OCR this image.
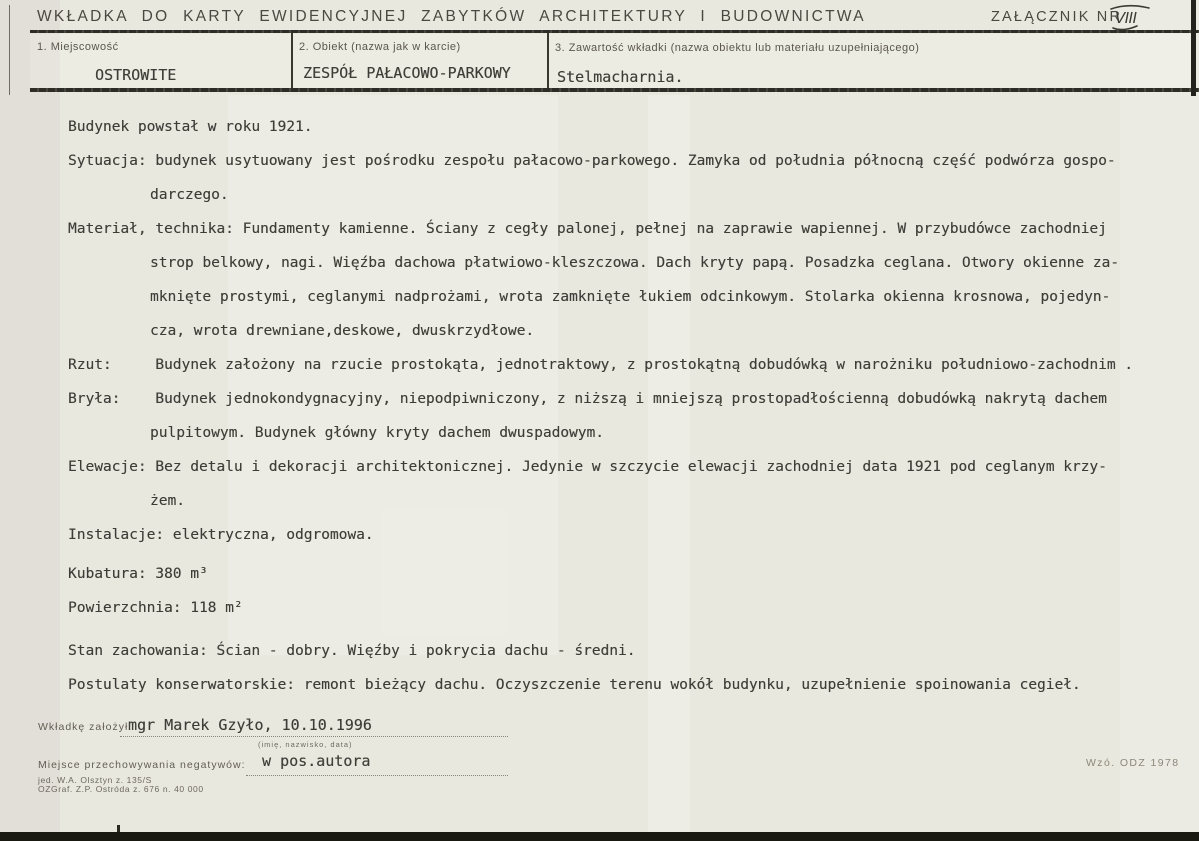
WKŁADKA DO KARTY EWIDENCYJNEJ ZABYTKÓW ARCHITEKTURY I BUDOWNICTWA	ZAŁĄCZNIK NR
VIII
1. Miejscowość	2. Obiekt (nazwa jak w karcie)	3. Zawartość wkładki (nazwa obiektu lub materiału uzupełniającego)
OSTROWITE	ZESPÓŁ PAŁACOWO-PARKOWY	Stelmacharnia.
Budynek powstał w roku 1921.
Sytuacja: budynek usytuowany jest pośrodku zespołu pałacowo-parkowego. Zamyka od południa północną część podwórza gospo-
darczego.
Materiał, technika: Fundamenty kamienne. Ściany z cegły palonej, pełnej na zaprawie wapiennej. W przybudówce zachodniej
strop belkowy, nagi. Więźba dachowa płatwiowo-kleszczowa. Dach kryty papą. Posadzka ceglana. Otwory okienne za-
mknięte prostymi, ceglanymi nadprożami, wrota zamknięte łukiem odcinkowym. Stolarka okienna krosnowa, pojedyn-
cza, wrota drewniane,deskowe, dwuskrzydłowe.
Rzut:     Budynek założony na rzucie prostokąta, jednotraktowy, z prostokątną dobudówką w narożniku południowo-zachodnim .
Bryła:    Budynek jednokondygnacyjny, niepodpiwniczony, z niższą i mniejszą prostopadłościenną dobudówką nakrytą dachem
pulpitowym. Budynek główny kryty dachem dwuspadowym.
Elewacje: Bez detalu i dekoracji architektonicznej. Jedynie w szczycie elewacji zachodniej data 1921 pod ceglanym krzy-
żem.
Instalacje: elektryczna, odgromowa.
Kubatura: 380 m³
Powierzchnia: 118 m²
Stan zachowania: Ścian - dobry. Więźby i pokrycia dachu - średni.
Postulaty konserwatorskie: remont bieżący dachu. Oczyszczenie terenu wokół budynku, uzupełnienie spoinowania cegieł.
Wkładkę założył:
mgr Marek Gzyło, 10.10.1996
(imię, nazwisko, data)
Miejsce przechowywania negatywów: w pos.autora
jed. W.A. Olsztyn z. 135/S
OZGraf. Z.P. Ostróda z. 676 n. 40 000
Wzó. ODZ 1978
